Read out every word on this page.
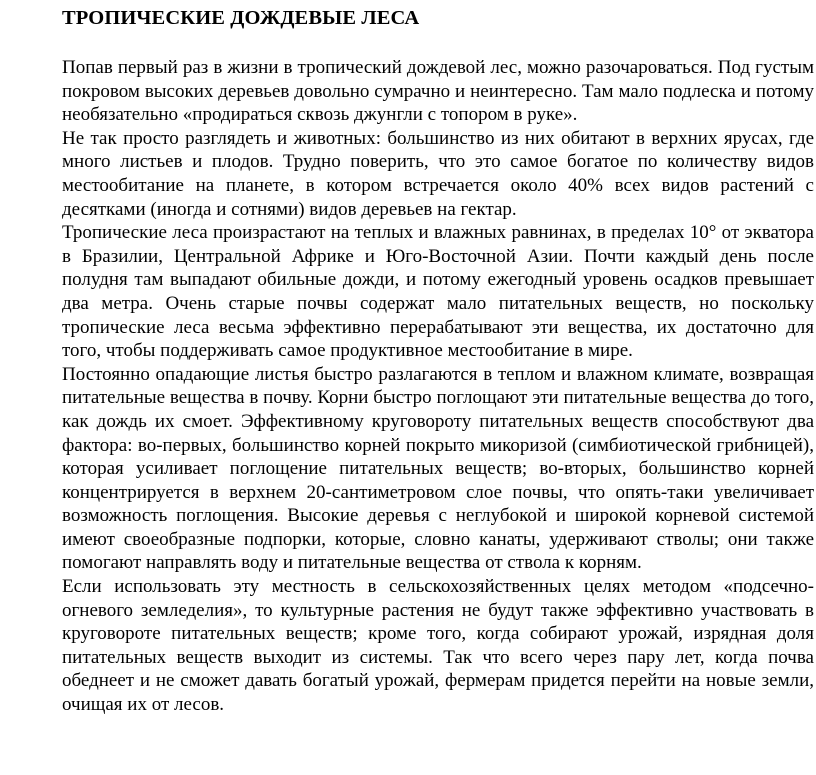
ТРОПИЧЕСКИЕ ДОЖДЕВЫЕ ЛЕСА

Попав первый раз в жизни в тропический дождевой лес, можно разочароваться. Под густым покровом высоких деревьев довольно сумрачно и неинтересно. Там мало подлеска и потому необязательно «продираться сквозь джунгли с топором в руке».

Не так просто разглядеть и животных: большинство из них обитают в верхних ярусах, где много листьев и плодов. Трудно поверить, что это самое богатое по количеству видов местообитание на планете, в котором встречается около 40% всех видов растений с десятками (иногда и сотнями) видов деревьев на гектар.

Тропические леса произрастают на теплых и влажных равнинах, в пределах 10° от экватора в Бразилии, Центральной Африке и Юго-Восточной Азии. Почти каждый день после полудня там выпадают обильные дожди, и потому ежегодный уровень осадков превышает два метра. Очень старые почвы содержат мало питательных веществ, но поскольку тропические леса весьма эффективно перерабатывают эти вещества, их достаточно для того, чтобы поддерживать самое продуктивное местообитание в мире.

Постоянно опадающие листья быстро разлагаются в теплом и влажном климате, возвращая питательные вещества в почву. Корни быстро поглощают эти питательные вещества до того, как дождь их смоет. Эффективному круговороту питательных веществ способствуют два фактора: во-первых, большинство корней покрыто микоризой (симбиотической грибницей), которая усиливает поглощение питательных веществ; во-вторых, большинство корней концентрируется в верхнем 20-сантиметровом слое почвы, что опять-таки увеличивает возможность поглощения. Высокие деревья с неглубокой и широкой корневой системой имеют своеобразные подпорки, которые, словно канаты, удерживают стволы; они также помогают направлять воду и питательные вещества от ствола к корням.

Если использовать эту местность в сельскохозяйственных целях методом «подсечно-огневого земледелия», то культурные растения не будут также эффективно участвовать в круговороте питательных веществ; кроме того, когда собирают урожай, изрядная доля питательных веществ выходит из системы. Так что всего через пару лет, когда почва обеднеет и не сможет давать богатый урожай, фермерам придется перейти на новые земли, очищая их от лесов.
